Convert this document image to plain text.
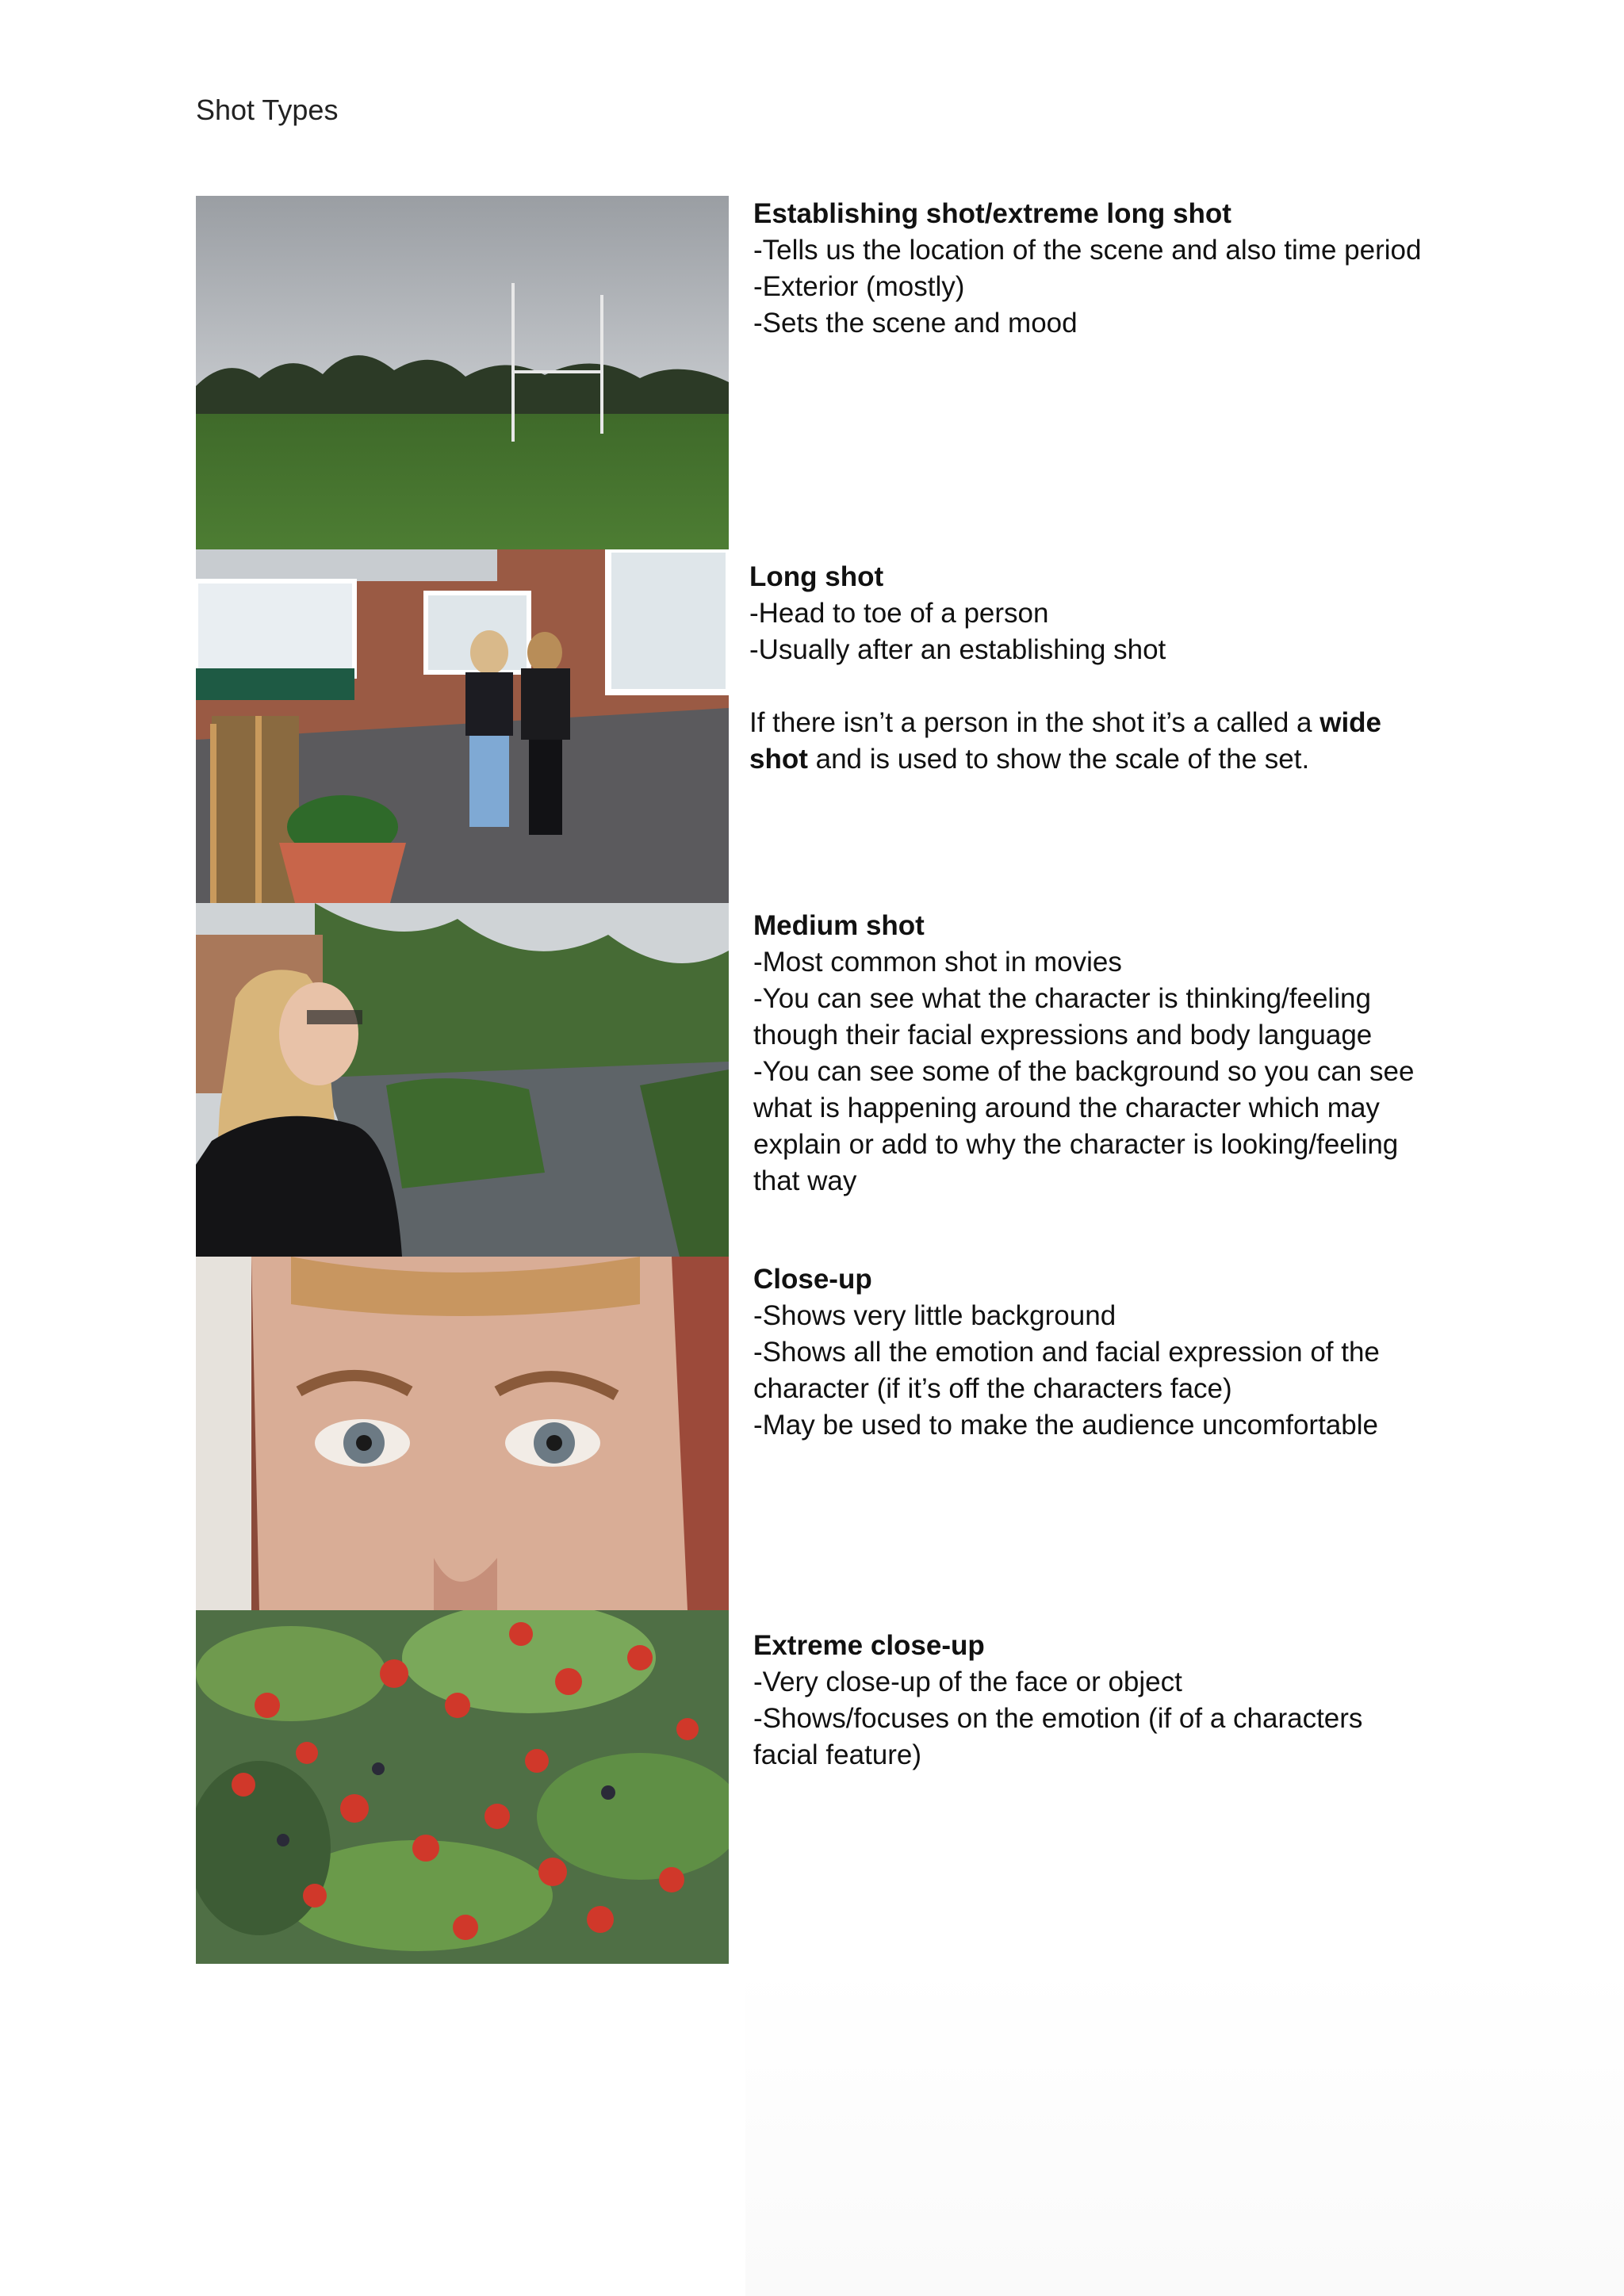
Shot Types

Establishing shot/extreme long shot

-Tells us the location of the scene and also time period

-Exterior (mostly)

-Sets the scene and mood

Long shot

-Head to toe of a person

-Usually after an establishing shot

If there isn’t a person in the shot it’s a called a wide
shot and is used to show the scale of the set.

Medium shot

-Most common shot in movies

-You can see what the character is thinking/feeling

though their facial expressions and body language

-You can see some of the background so you can see

what is happening around the character which may

explain or add to why the character is looking/feeling

that way

Close-up

-Shows very little background

-Shows all the emotion and facial expression of the

character (if it’s off the characters face)

-May be used to make the audience uncomfortable

Extreme close-up

-Very close-up of the face or object

-Shows/focuses on the emotion (if of a characters

facial feature)
